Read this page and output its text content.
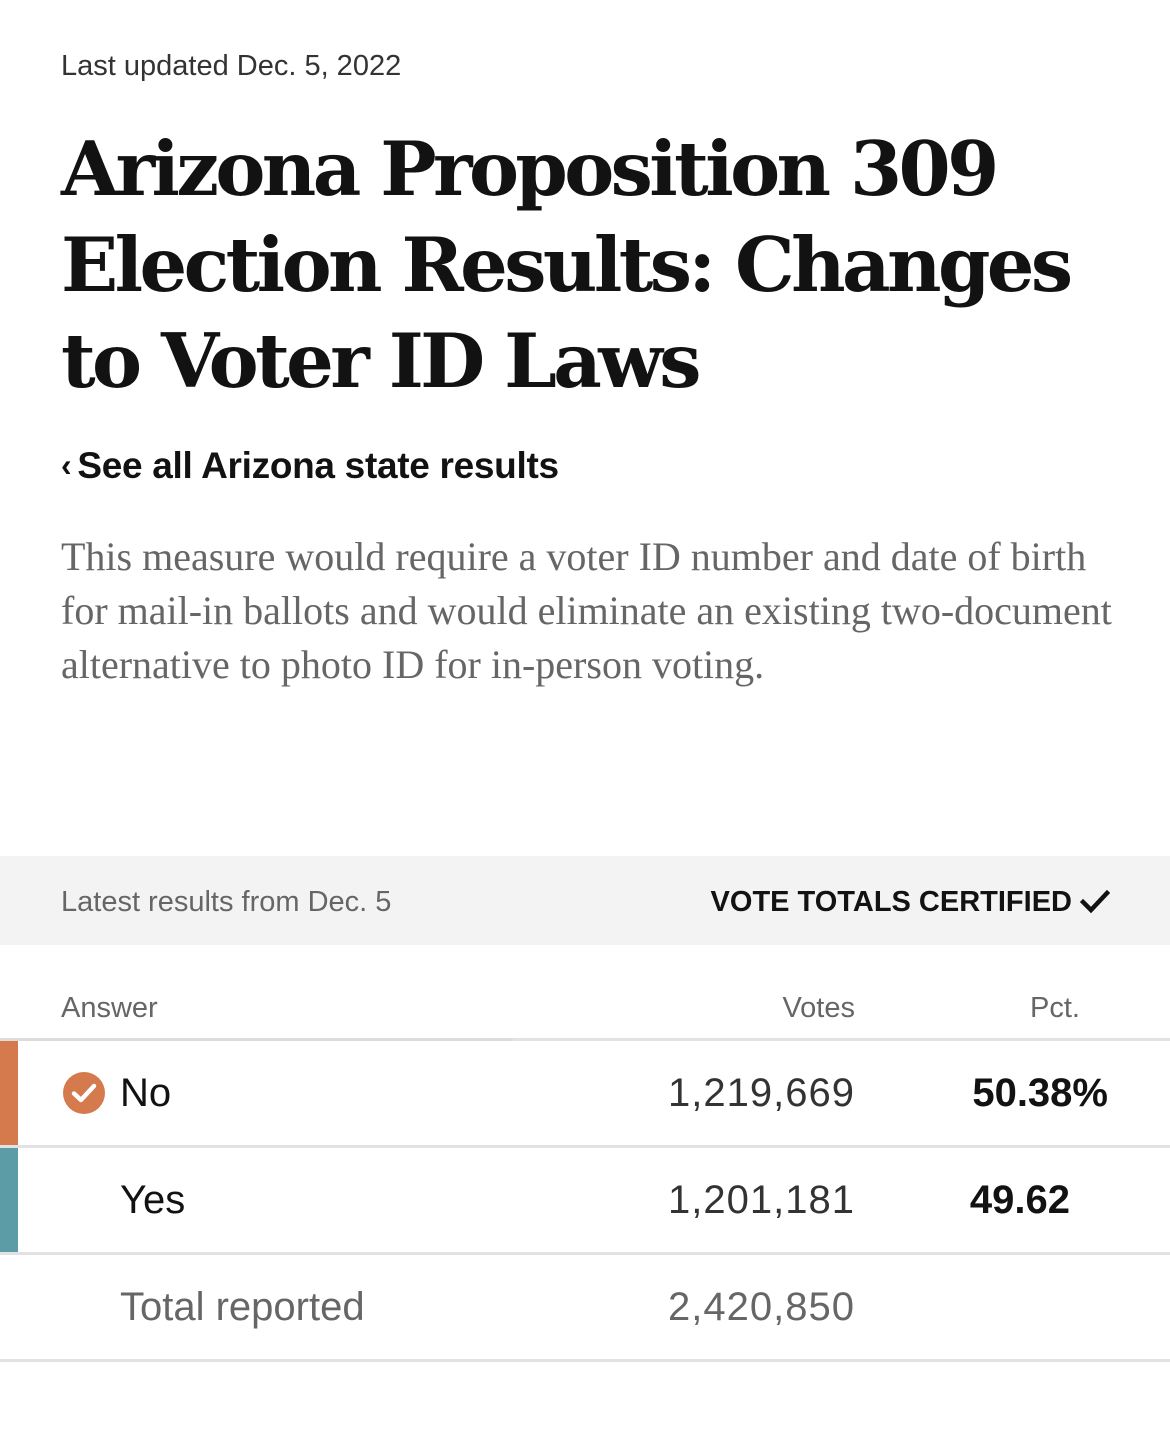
Last updated Dec. 5, 2022
Arizona Proposition 309 Election Results: Changes to Voter ID Laws
‹ See all Arizona state results

This measure would require a voter ID number and date of birth for mail-in ballots and would eliminate an existing two-document alternative to photo ID for in-person voting.

Latest results from Dec. 5	VOTE TOTALS CERTIFIED
Answer	Votes	Pct.
No	1,219,669	50.38%
Yes	1,201,181	49.62
Total reported	2,420,850
